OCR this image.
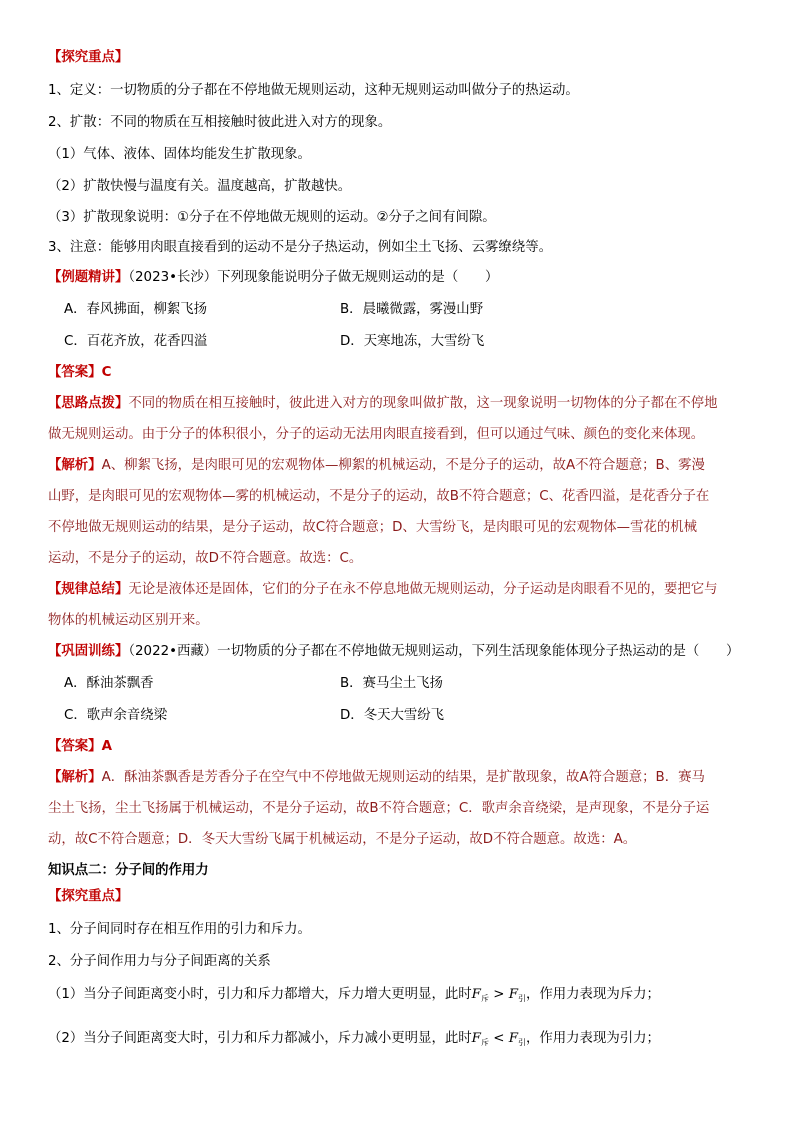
【探究重点】
1、定义：一切物质的分子都在不停地做无规则运动，这种无规则运动叫做分子的热运动。
2、扩散：不同的物质在互相接触时彼此进入对方的现象。
（1）气体、液体、固体均能发生扩散现象。
（2）扩散快慢与温度有关。温度越高，扩散越快。
（3）扩散现象说明：①分子在不停地做无规则的运动。②分子之间有间隙。
3、注意：能够用肉眼直接看到的运动不是分子热运动，例如尘土飞扬、云雾缭绕等。
【例题精讲】（2023•长沙）下列现象能说明分子做无规则运动的是（　　）
A．春风拂面，柳絮飞扬	B．晨曦微露，雾漫山野
C．百花齐放，花香四溢	D．天寒地冻，大雪纷飞
【答案】C
【思路点拨】不同的物质在相互接触时，彼此进入对方的现象叫做扩散，这一现象说明一切物体的分子都在不停地
做无规则运动。由于分子的体积很小，分子的运动无法用肉眼直接看到，但可以通过气味、颜色的变化来体现。
【解析】A、柳絮飞扬，是肉眼可见的宏观物体—柳絮的机械运动，不是分子的运动，故A不符合题意；B、雾漫
山野，是肉眼可见的宏观物体—雾的机械运动，不是分子的运动，故B不符合题意；C、花香四溢，是花香分子在
不停地做无规则运动的结果，是分子运动，故C符合题意；D、大雪纷飞，是肉眼可见的宏观物体—雪花的机械
运动，不是分子的运动，故D不符合题意。故选：C。
【规律总结】无论是液体还是固体，它们的分子在永不停息地做无规则运动，分子运动是肉眼看不见的，要把它与
物体的机械运动区别开来。
【巩固训练】（2022•西藏）一切物质的分子都在不停地做无规则运动，下列生活现象能体现分子热运动的是（　　）
A．酥油茶飘香	B．赛马尘土飞扬
C．歌声余音绕梁	D．冬天大雪纷飞
【答案】A
【解析】A．酥油茶飘香是芳香分子在空气中不停地做无规则运动的结果，是扩散现象，故A符合题意；B．赛马
尘土飞扬，尘土飞扬属于机械运动，不是分子运动，故B不符合题意；C．歌声余音绕梁，是声现象，不是分子运
动，故C不符合题意；D．冬天大雪纷飞属于机械运动，不是分子运动，故D不符合题意。故选：A。
知识点二：分子间的作用力
【探究重点】
1、分子间同时存在相互作用的引力和斥力。
2、分子间作用力与分子间距离的关系
（1）当分子间距离变小时，引力和斥力都增大，斥力增大更明显，此时$F_斥 > F_引$，作用力表现为斥力；
（2）当分子间距离变大时，引力和斥力都减小，斥力减小更明显，此时$F_斥 < F_引$，作用力表现为引力；
